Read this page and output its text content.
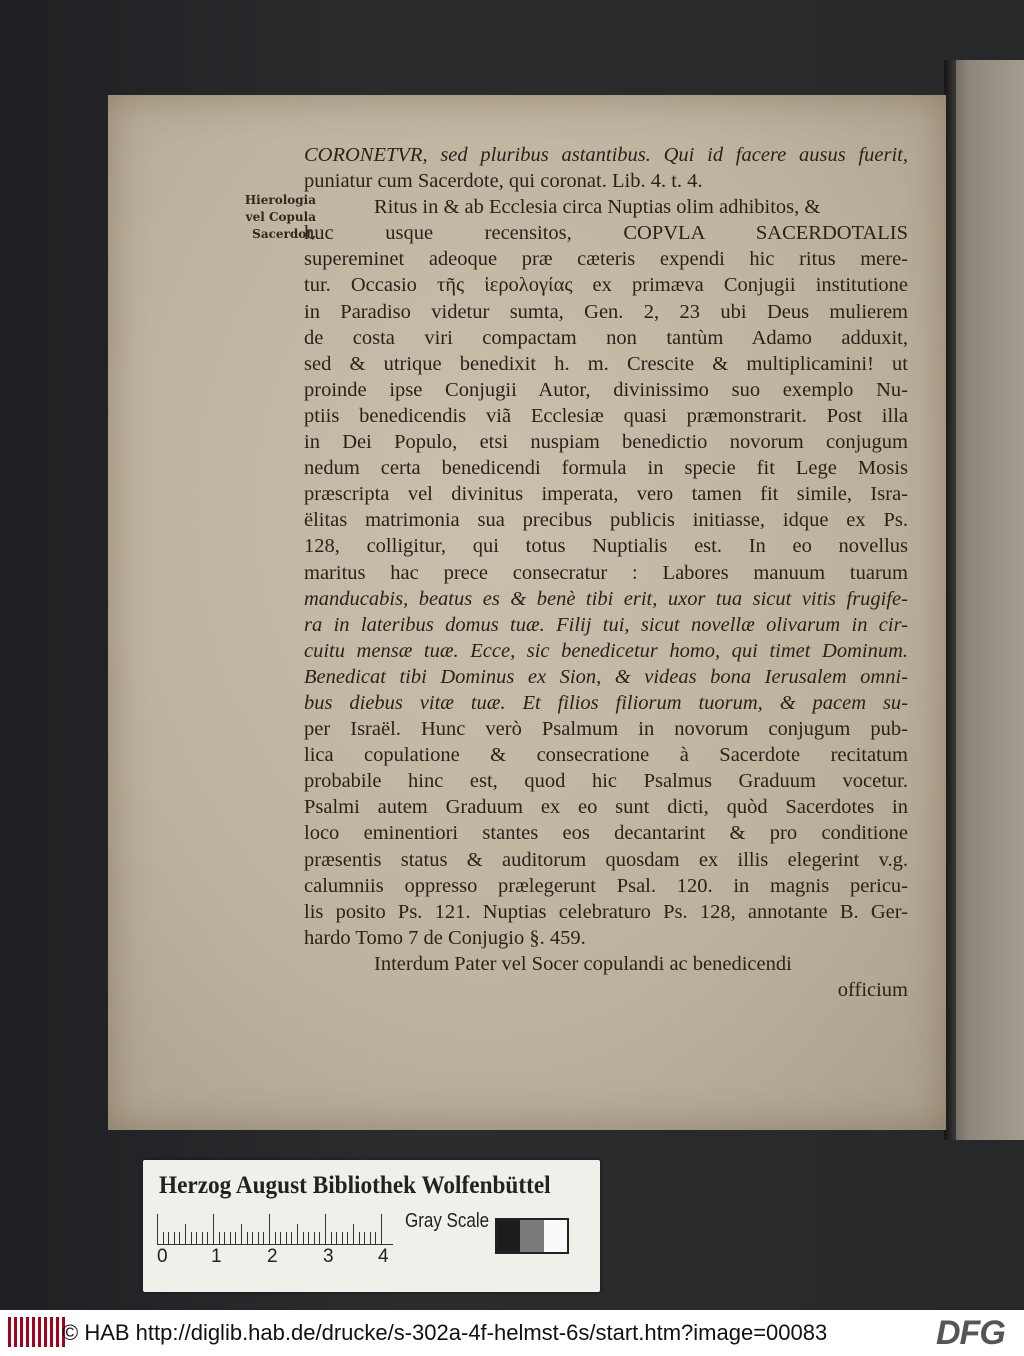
Hierologia
vel Copula
Sacerdot,
CORONETVR, sed pluribus astantibus. Qui id facere ausus fuerit,
puniatur cum Sacerdote, qui coronat. Lib. 4. t. 4.
Ritus in & ab Ecclesia circa Nuptias olim adhibitos, &
huc usque recensitos, COPVLA SACERDOTALIS
supereminet adeoque præ cæteris expendi hic ritus mere-
tur. Occasio τῆς ἱερολογίας ex primæva Conjugii institutione
in Paradiso videtur sumta, Gen. 2, 23 ubi Deus mulierem
de costa viri compactam non tantùm Adamo adduxit,
sed & utrique benedixit h. m. Crescite & multiplicamini! ut
proinde ipse Conjugii Autor, divinissimo suo exemplo Nu-
ptiis benedicendis viã Ecclesiæ quasi præmonstrarit. Post illa
in Dei Populo, etsi nuspiam benedictio novorum conjugum
nedum certa benedicendi formula in specie fit Lege Mosis
præscripta vel divinitus imperata, vero tamen fit simile, Isra-
ëlitas matrimonia sua precibus publicis initiasse, idque ex Ps.
128, colligitur, qui totus Nuptialis est. In eo novellus
maritus hac prece consecratur : Labores manuum tuarum
manducabis, beatus es & benè tibi erit, uxor tua sicut vitis frugife-
ra in lateribus domus tuæ. Filij tui, sicut novellæ olivarum in cir-
cuitu mensæ tuæ. Ecce, sic benedicetur homo, qui timet Dominum.
Benedicat tibi Dominus ex Sion, & videas bona Ierusalem omni-
bus diebus vitæ tuæ. Et filios filiorum tuorum, & pacem su-
per Israël. Hunc verò Psalmum in novorum conjugum pub-
lica copulatione & consecratione à Sacerdote recitatum
probabile hinc est, quod hic Psalmus Graduum vocetur.
Psalmi autem Graduum ex eo sunt dicti, quòd Sacerdotes in
loco eminentiori stantes eos decantarint & pro conditione
præsentis status & auditorum quosdam ex illis elegerint v.g.
calumniis oppresso prælegerunt Psal. 120. in magnis pericu-
lis posito Ps. 121. Nuptias celebraturo Ps. 128, annotante B. Ger-
hardo Tomo 7 de Conjugio §. 459.
Interdum Pater vel Socer copulandi ac benedicendi
officium
Herzog August Bibliothek Wolfenbüttel
0 1 2 3 4
Gray Scale
© HAB http://diglib.hab.de/drucke/s-302a-4f-helmst-6s/start.htm?image=00083	DFG
